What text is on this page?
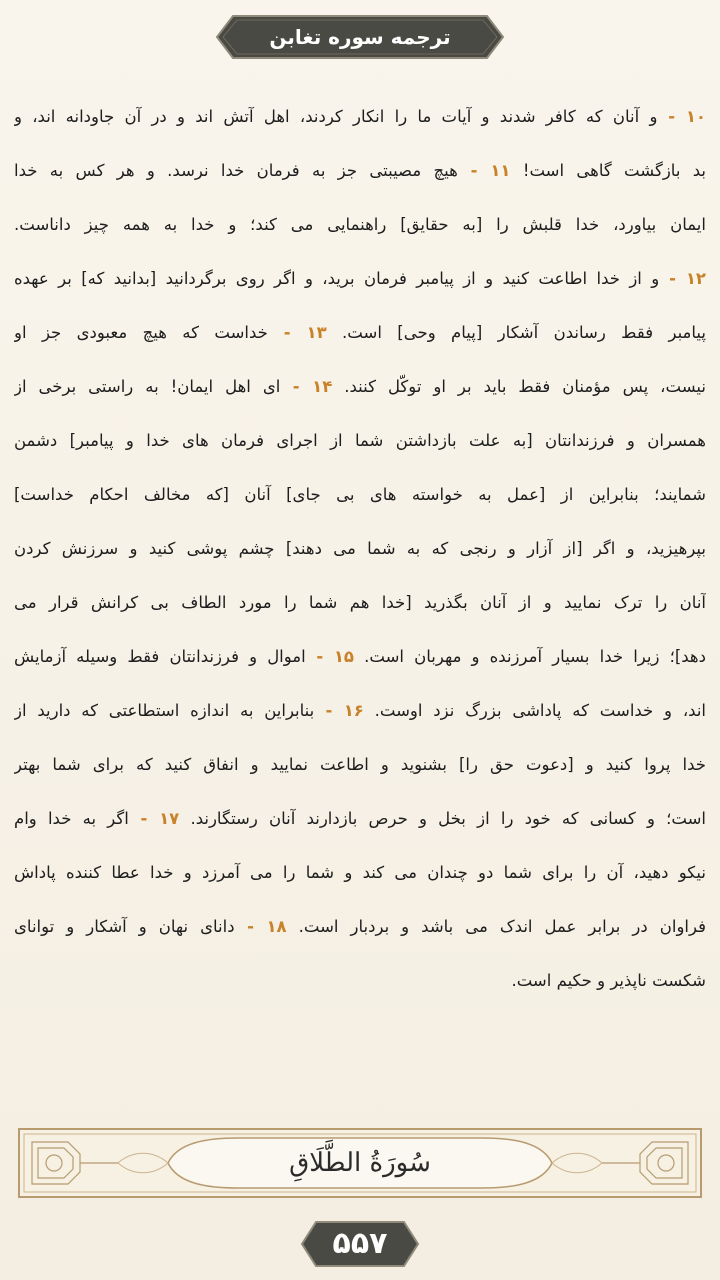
ترجمه سوره تغابن
۱۰ - و آنان که کافر شدند و آیات ما را انکار کردند، اهل آتش اند و در آن جاودانه اند، و
بد بازگشت گاهی است! ۱۱ - هیچ مصیبتی جز به فرمان خدا نرسد. و هر کس به خدا
ایمان بیاورد، خدا قلبش را [به حقایق] راهنمایی می کند؛ و خدا به همه چیز داناست.
۱۲ - و از خدا اطاعت کنید و از پیامبر فرمان برید، و اگر روی برگردانید [بدانید که] بر عهده
پیامبر فقط رساندن آشکار [پیام وحی] است. ۱۳ - خداست که هیچ معبودی جز او
نیست، پس مؤمنان فقط باید بر او توکّل کنند. ۱۴ - ای اهل ایمان! به راستی برخی از
همسران و فرزندانتان [به علت بازداشتن شما از اجرای فرمان های خدا و پیامبر] دشمن
شمایند؛ بنابراین از [عمل به خواسته های بی جای] آنان [که مخالف احکام خداست]
بپرهیزید، و اگر [از آزار و رنجی که به شما می دهند] چشم پوشی کنید و سرزنش کردن
آنان را ترک نمایید و از آنان بگذرید [خدا هم شما را مورد الطاف بی کرانش قرار می
دهد]؛ زیرا خدا بسیار آمرزنده و مهربان است. ۱۵ - اموال و فرزندانتان فقط وسیله آزمایش
اند، و خداست که پاداشی بزرگ نزد اوست. ۱۶ - بنابراین به اندازه استطاعتی که دارید از
خدا پروا کنید و [دعوت حق را] بشنوید و اطاعت نمایید و انفاق کنید که برای شما بهتر
است؛ و کسانی که خود را از بخل و حرص بازدارند آنان رستگارند. ۱۷ - اگر به خدا وام
نیکو دهید، آن را برای شما دو چندان می کند و شما را می آمرزد و خدا عطا کننده پاداش
فراوان در برابر عمل اندک می باشد و بردبار است. ۱۸ - دانای نهان و آشکار و توانای
شکست ناپذیر و حکیم است.
سُورَةُ الطَّلَاقِ
۵۵۷
